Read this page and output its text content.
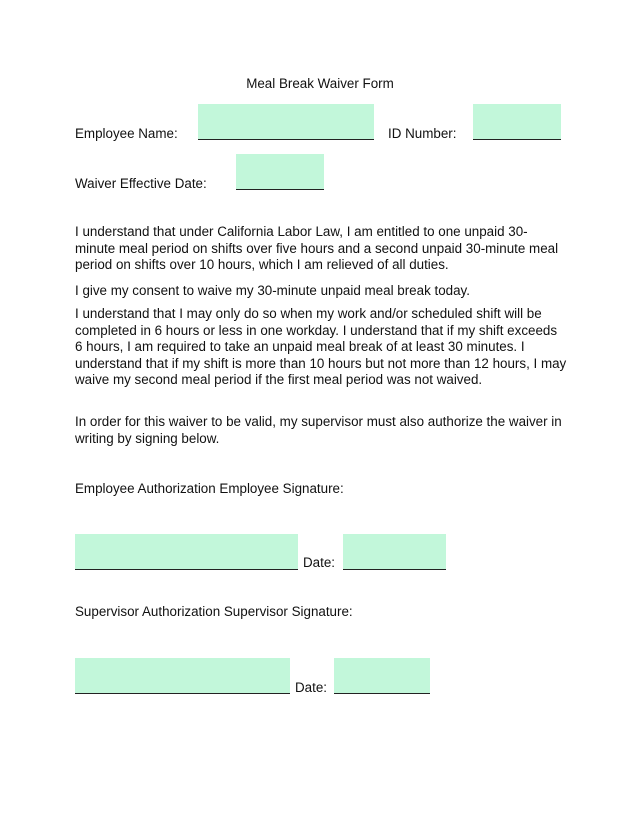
Meal Break Waiver Form
Employee Name:	ID Number:
Waiver Effective Date:

I understand that under California Labor Law, I am entitled to one unpaid 30-minute meal period on shifts over five hours and a second unpaid 30-minute meal period on shifts over 10 hours, which I am relieved of all duties.

I give my consent to waive my 30-minute unpaid meal break today.

I understand that I may only do so when my work and/or scheduled shift will be completed in 6 hours or less in one workday. I understand that if my shift exceeds 6 hours, I am required to take an unpaid meal break of at least 30 minutes. I understand that if my shift is more than 10 hours but not more than 12 hours, I may waive my second meal period if the first meal period was not waived.

In order for this waiver to be valid, my supervisor must also authorize the waiver in writing by signing below.

Employee Authorization Employee Signature:
Date:
Supervisor Authorization Supervisor Signature:
Date:
